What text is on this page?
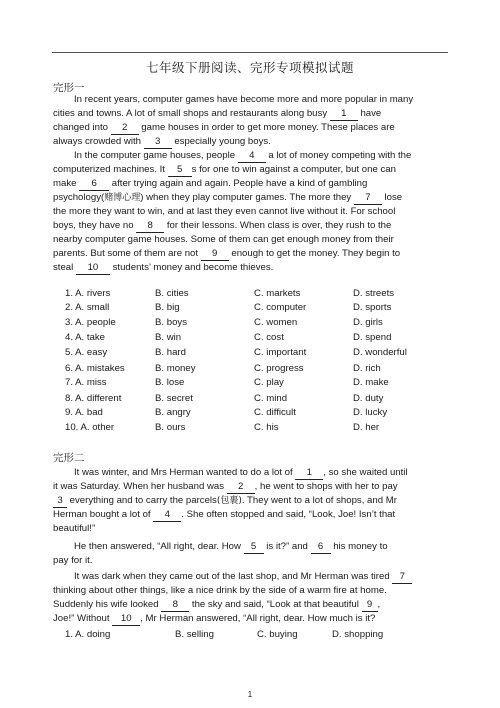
七年级下册阅读、完形专项模拟试题
完形一
In recent years, computer games have become more and more popular in many
cities and towns. A lot of small shops and restaurants along busy 1 have
changed into 2 game houses in order to get more money. These places are
always crowded with 3 especially young boys.
In the computer game houses, people 4 a lot of money competing with the
computerized machines. It 5 s for one to win against a computer, but one can
make 6 after trying again and again. People have a kind of gambling
psychology(赌博心理) when they play computer games. The more they 7 lose
the more they want to win, and at last they even cannot live without it. For school
boys, they have no 8 for their lessons. When class is over, they rush to the
nearby computer game houses. Some of them can get enough money from their
parents. But some of them are not 9 enough to get the money. They begin to
steal 10 students’ money and become thieves.
1. A. rivers	B. cities	C. markets	D. streets
2. A. small	B. big	C. computer	D. sports
3. A. people	B. boys	C. women	D. girls
4. A. take	B. win	C. cost	D. spend
5. A. easy	B. hard	C. important	D. wonderful
6. A. mistakes	B. money	C. progress	D. rich
7. A. miss	B. lose	C. play	D. make
8. A. different	B. secret	C. mind	D. duty
9. A. bad	B. angry	C. difficult	D. lucky
10. A. other	B. ours	C. his	D. her
完形二
It was winter, and Mrs Herman wanted to do a lot of 1 , so she waited until
it was Saturday. When her husband was 2 , he went to shops with her to pay
3 everything and to carry the parcels(包裹). They went to a lot of shops, and Mr
Herman bought a lot of 4 . She often stopped and said, “Look, Joe! Isn’t that
beautiful!”
He then answered, “All right, dear. How 5 is it?” and 6 his money to
pay for it.
It was dark when they came out of the last shop, and Mr Herman was tired 7
thinking about other things, like a nice drink by the side of a warm fire at home.
Suddenly his wife looked 8 the sky and said, “Look at that beautiful 9 ,
Joe!” Without 10 , Mr Herman answered, “All right, dear. How much is it?
1. A. doing	B. selling	C. buying	D. shopping
1
